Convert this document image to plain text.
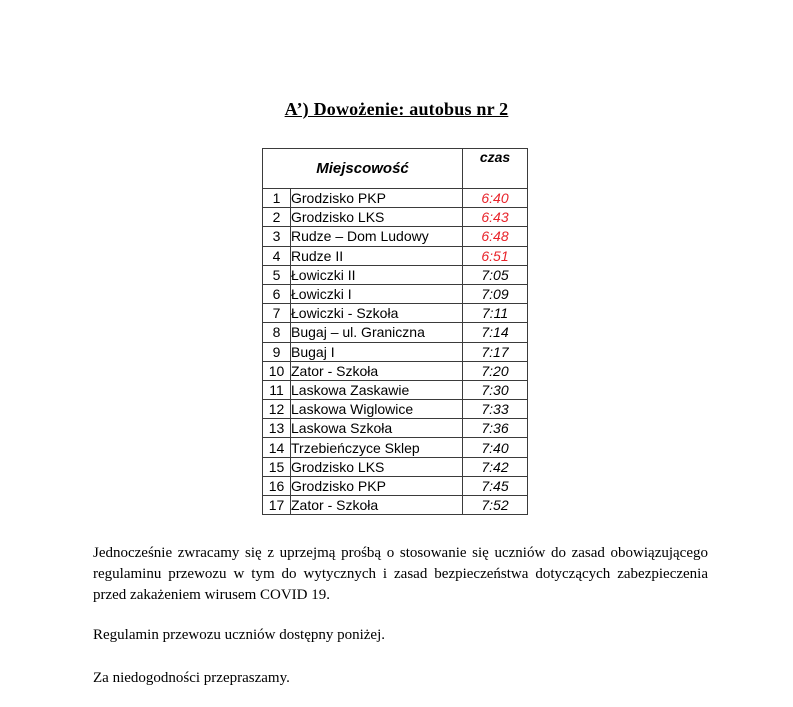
A’) Dowożenie: autobus nr 2
Miejscowość		czas
1	Grodzisko PKP	6:40
2	Grodzisko LKS	6:43
3	Rudze – Dom Ludowy	6:48
4	Rudze II	6:51
5	Łowiczki II	7:05
6	Łowiczki I	7:09
7	Łowiczki - Szkoła	7:11
8	Bugaj – ul. Graniczna	7:14
9	Bugaj I	7:17
10	Zator - Szkoła	7:20
11	Laskowa Zaskawie	7:30
12	Laskowa Wiglowice	7:33
13	Laskowa Szkoła	7:36
14	Trzebieńczyce Sklep	7:40
15	Grodzisko LKS	7:42
16	Grodzisko PKP	7:45
17	Zator - Szkoła	7:52

Jednocześnie zwracamy się z uprzejmą prośbą o stosowanie się uczniów do zasad obowiązującego regulaminu przewozu w tym do wytycznych i zasad bezpieczeństwa dotyczących zabezpieczenia przed zakażeniem wirusem COVID 19.

Regulamin przewozu uczniów dostępny poniżej.

Za niedogodności przepraszamy.
